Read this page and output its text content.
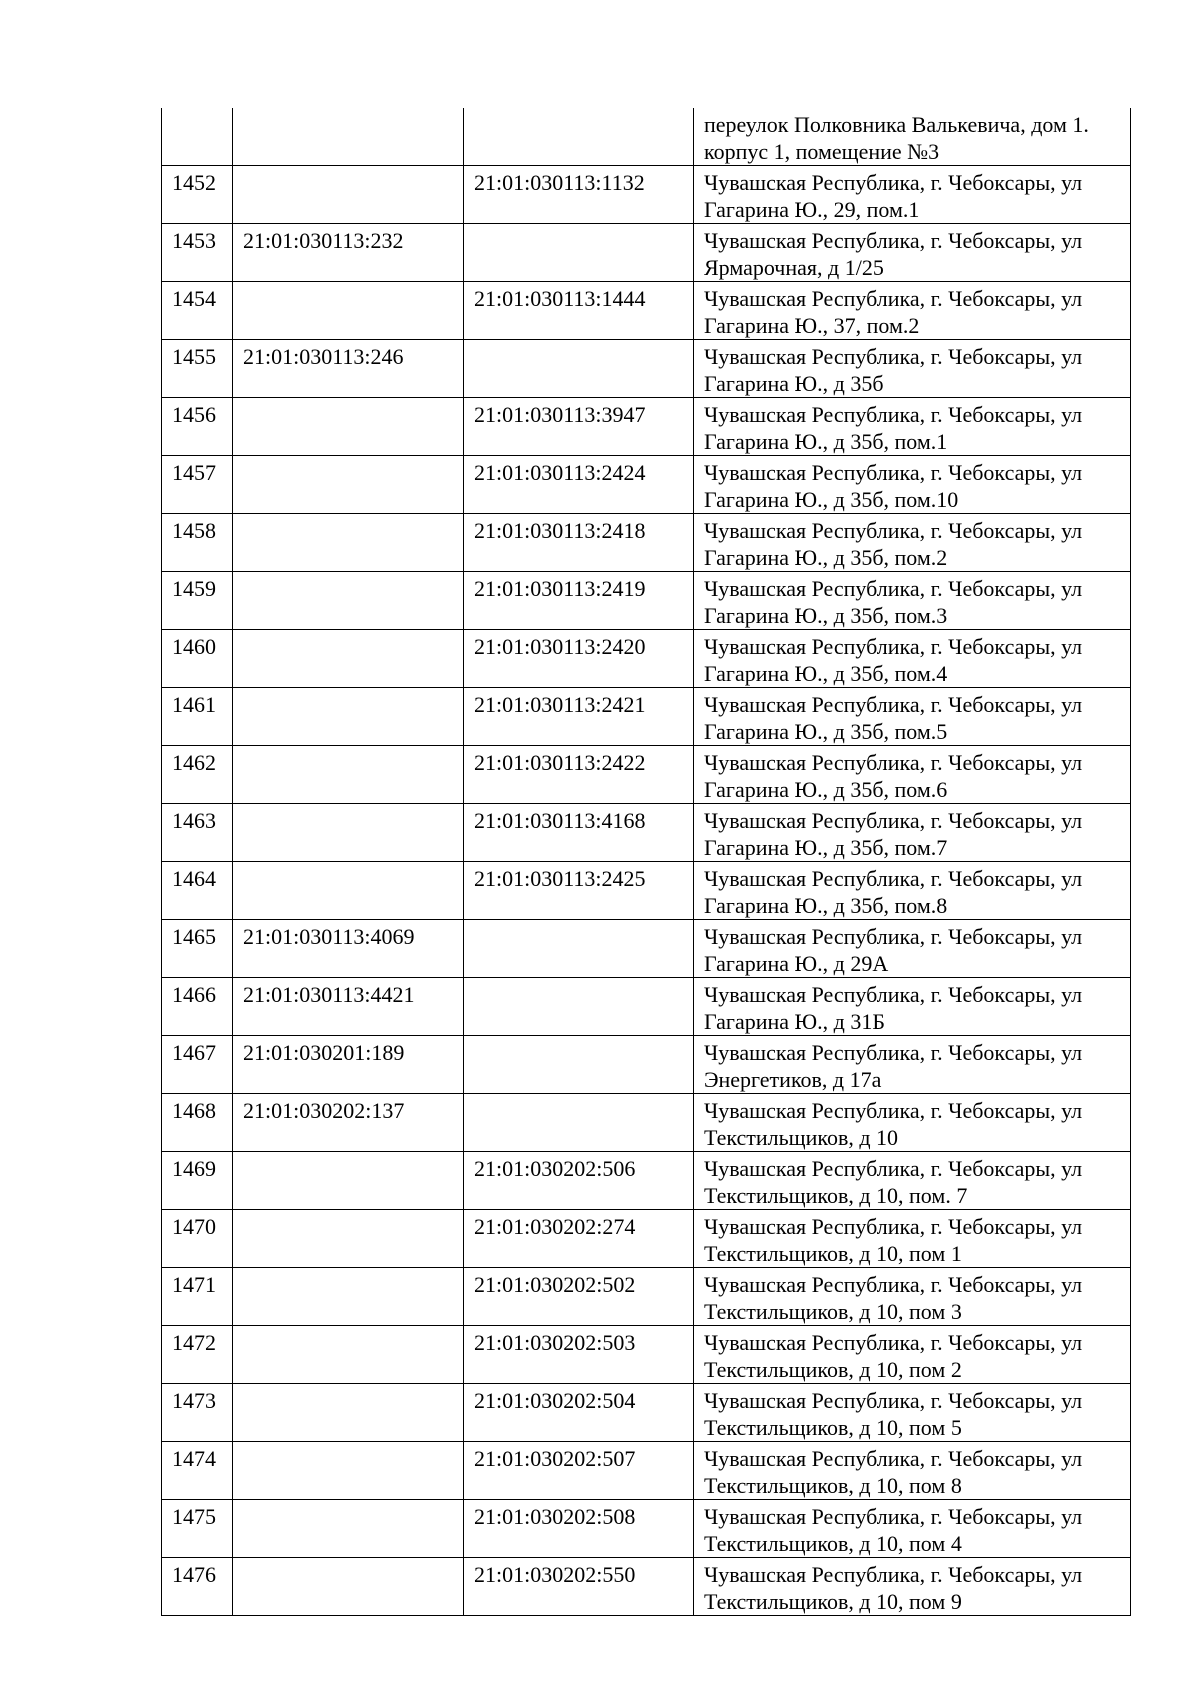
			переулок Полковника Валькевича, дом 1. корпус 1, помещение №3
1452		21:01:030113:1132	Чувашская Республика, г. Чебоксары, ул Гагарина Ю., 29, пом.1
1453	21:01:030113:232		Чувашская Республика, г. Чебоксары, ул Ярмарочная, д 1/25
1454		21:01:030113:1444	Чувашская Республика, г. Чебоксары, ул Гагарина Ю., 37, пом.2
1455	21:01:030113:246		Чувашская Республика, г. Чебоксары, ул Гагарина Ю., д 35б
1456		21:01:030113:3947	Чувашская Республика, г. Чебоксары, ул Гагарина Ю., д 35б, пом.1
1457		21:01:030113:2424	Чувашская Республика, г. Чебоксары, ул Гагарина Ю., д 35б, пом.10
1458		21:01:030113:2418	Чувашская Республика, г. Чебоксары, ул Гагарина Ю., д 35б, пом.2
1459		21:01:030113:2419	Чувашская Республика, г. Чебоксары, ул Гагарина Ю., д 35б, пом.3
1460		21:01:030113:2420	Чувашская Республика, г. Чебоксары, ул Гагарина Ю., д 35б, пом.4
1461		21:01:030113:2421	Чувашская Республика, г. Чебоксары, ул Гагарина Ю., д 35б, пом.5
1462		21:01:030113:2422	Чувашская Республика, г. Чебоксары, ул Гагарина Ю., д 35б, пом.6
1463		21:01:030113:4168	Чувашская Республика, г. Чебоксары, ул Гагарина Ю., д 35б, пом.7
1464		21:01:030113:2425	Чувашская Республика, г. Чебоксары, ул Гагарина Ю., д 35б, пом.8
1465	21:01:030113:4069		Чувашская Республика, г. Чебоксары, ул Гагарина Ю., д 29А
1466	21:01:030113:4421		Чувашская Республика, г. Чебоксары, ул Гагарина Ю., д 31Б
1467	21:01:030201:189		Чувашская Республика, г. Чебоксары, ул Энергетиков, д 17а
1468	21:01:030202:137		Чувашская Республика, г. Чебоксары, ул Текстильщиков, д 10
1469		21:01:030202:506	Чувашская Республика, г. Чебоксары, ул Текстильщиков, д 10, пом. 7
1470		21:01:030202:274	Чувашская Республика, г. Чебоксары, ул Текстильщиков, д 10, пом 1
1471		21:01:030202:502	Чувашская Республика, г. Чебоксары, ул Текстильщиков, д 10, пом 3
1472		21:01:030202:503	Чувашская Республика, г. Чебоксары, ул Текстильщиков, д 10, пом 2
1473		21:01:030202:504	Чувашская Республика, г. Чебоксары, ул Текстильщиков, д 10, пом 5
1474		21:01:030202:507	Чувашская Республика, г. Чебоксары, ул Текстильщиков, д 10, пом 8
1475		21:01:030202:508	Чувашская Республика, г. Чебоксары, ул Текстильщиков, д 10, пом 4
1476		21:01:030202:550	Чувашская Республика, г. Чебоксары, ул Текстильщиков, д 10, пом 9
